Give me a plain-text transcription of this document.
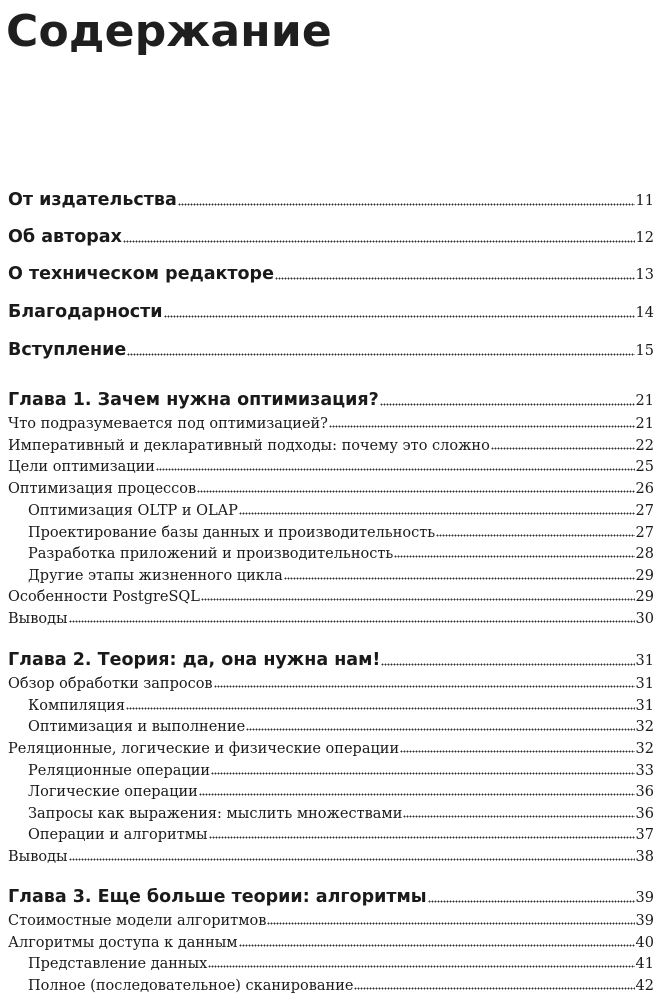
Содержание
От издательства	11
Об авторах	12
О техническом редакторе	13
Благодарности	14
Вступление	15
Глава 1. Зачем нужна оптимизация?	21
Что подразумевается под оптимизацией?	21
Императивный и декларативный подходы: почему это сложно	22
Цели оптимизации	25
Оптимизация процессов	26
Оптимизация OLTP и OLAP	27
Проектирование базы данных и производительность	27
Разработка приложений и производительность	28
Другие этапы жизненного цикла	29
Особенности PostgreSQL	29
Выводы	30
Глава 2. Теория: да, она нужна нам!	31
Обзор обработки запросов	31
Компиляция	31
Оптимизация и выполнение	32
Реляционные, логические и физические операции	32
Реляционные операции	33
Логические операции	36
Запросы как выражения: мыслить множествами	36
Операции и алгоритмы	37
Выводы	38
Глава 3. Еще больше теории: алгоритмы	39
Стоимостные модели алгоритмов	39
Алгоритмы доступа к данным	40
Представление данных	41
Полное (последовательное) сканирование	42
